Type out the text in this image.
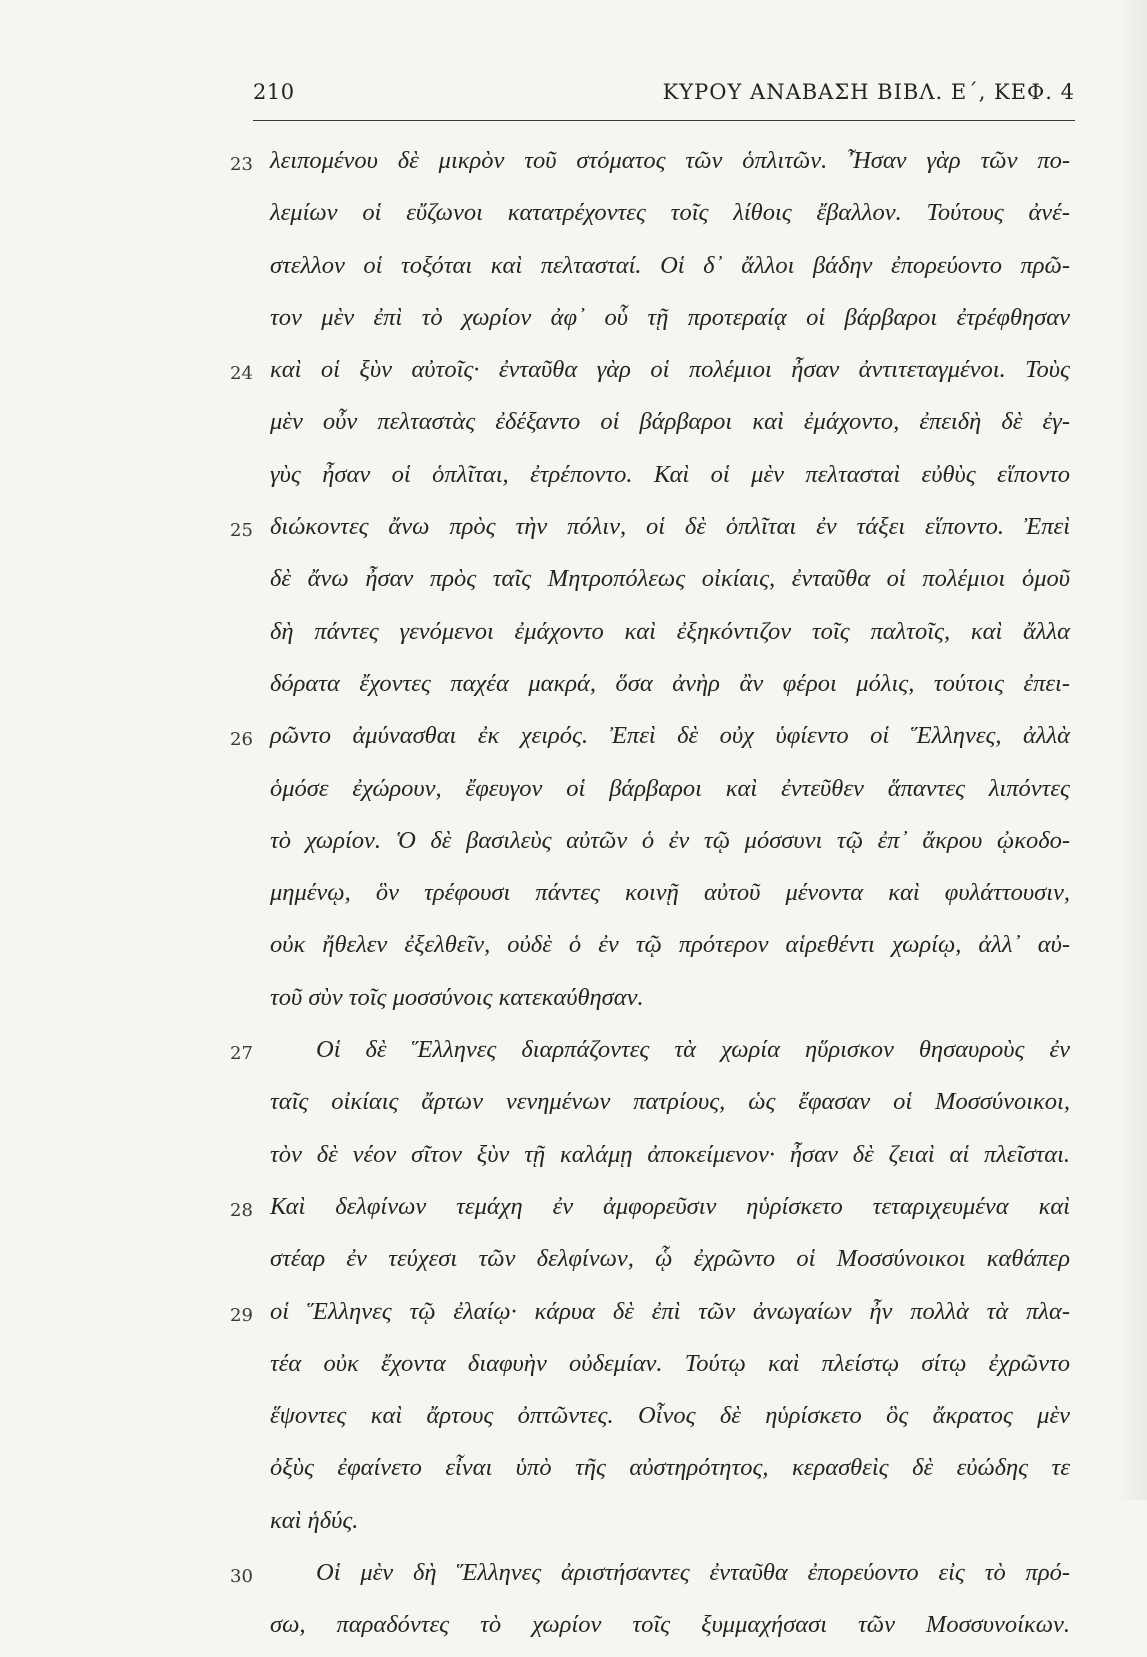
210	ΚΥΡΟΥ ΑΝΑΒΑΣΗ ΒΙΒΛ. Ε΄, ΚΕΦ. 4
23 λειπομένου δὲ μικρὸν τοῦ στόματος τῶν ὁπλιτῶν. Ἦσαν γὰρ τῶν πο-
λεμίων οἱ εὔζωνοι κατατρέχοντες τοῖς λίθοις ἔβαλλον. Τούτους ἀνέ-
στελλον οἱ τοξόται καὶ πελτασταί. Οἱ δ᾽ ἄλλοι βάδην ἐπορεύοντο πρῶ-
τον μὲν ἐπὶ τὸ χωρίον ἀφ᾽ οὗ τῇ προτεραίᾳ οἱ βάρβαροι ἐτρέφθησαν
24 καὶ οἱ ξὺν αὐτοῖς· ἐνταῦθα γὰρ οἱ πολέμιοι ἦσαν ἀντιτεταγμένοι. Τοὺς
μὲν οὖν πελταστὰς ἐδέξαντο οἱ βάρβαροι καὶ ἐμάχοντο, ἐπειδὴ δὲ ἐγ-
γὺς ἦσαν οἱ ὁπλῖται, ἐτρέποντο. Καὶ οἱ μὲν πελτασταὶ εὐθὺς εἵποντο
25 διώκοντες ἄνω πρὸς τὴν πόλιν, οἱ δὲ ὁπλῖται ἐν τάξει εἵποντο. Ἐπεὶ
δὲ ἄνω ἦσαν πρὸς ταῖς Μητροπόλεως οἰκίαις, ἐνταῦθα οἱ πολέμιοι ὁμοῦ
δὴ πάντες γενόμενοι ἐμάχοντο καὶ ἐξηκόντιζον τοῖς παλτοῖς, καὶ ἄλλα
δόρατα ἔχοντες παχέα μακρά, ὅσα ἀνὴρ ἂν φέροι μόλις, τούτοις ἐπει-
26 ρῶντο ἀμύνασθαι ἐκ χειρός. Ἐπεὶ δὲ οὐχ ὑφίεντο οἱ Ἕλληνες, ἀλλὰ
ὁμόσε ἐχώρουν, ἔφευγον οἱ βάρβαροι καὶ ἐντεῦθεν ἅπαντες λιπόντες
τὸ χωρίον. Ὁ δὲ βασιλεὺς αὐτῶν ὁ ἐν τῷ μόσσυνι τῷ ἐπ᾽ ἄκρου ᾠκοδο-
μημένῳ, ὃν τρέφουσι πάντες κοινῇ αὐτοῦ μένοντα καὶ φυλάττουσιν,
οὐκ ἤθελεν ἐξελθεῖν, οὐδὲ ὁ ἐν τῷ πρότερον αἱρεθέντι χωρίῳ, ἀλλ᾽ αὐ-
τοῦ σὺν τοῖς μοσσύνοις κατεκαύθησαν.
27	Οἱ δὲ Ἕλληνες διαρπάζοντες τὰ χωρία ηὕρισκον θησαυροὺς ἐν
ταῖς οἰκίαις ἄρτων νενημένων πατρίους, ὡς ἔφασαν οἱ Μοσσύνοικοι,
τὸν δὲ νέον σῖτον ξὺν τῇ καλάμῃ ἀποκείμενον· ἦσαν δὲ ζειαὶ αἱ πλεῖσται.
28 Καὶ δελφίνων τεμάχη ἐν ἀμφορεῦσιν ηὑρίσκετο τεταριχευμένα καὶ
στέαρ ἐν τεύχεσι τῶν δελφίνων, ᾧ ἐχρῶντο οἱ Μοσσύνοικοι καθάπερ
29 οἱ Ἕλληνες τῷ ἐλαίῳ· κάρυα δὲ ἐπὶ τῶν ἀνωγαίων ἦν πολλὰ τὰ πλα-
τέα οὐκ ἔχοντα διαφυὴν οὐδεμίαν. Τούτῳ καὶ πλείστῳ σίτῳ ἐχρῶντο
ἕψοντες καὶ ἄρτους ὀπτῶντες. Οἶνος δὲ ηὑρίσκετο ὃς ἄκρατος μὲν
ὀξὺς ἐφαίνετο εἶναι ὑπὸ τῆς αὐστηρότητος, κερασθεὶς δὲ εὐώδης τε
καὶ ἡδύς.
30	Οἱ μὲν δὴ Ἕλληνες ἀριστήσαντες ἐνταῦθα ἐπορεύοντο εἰς τὸ πρό-
σω, παραδόντες τὸ χωρίον τοῖς ξυμμαχήσασι τῶν Μοσσυνοίκων.
